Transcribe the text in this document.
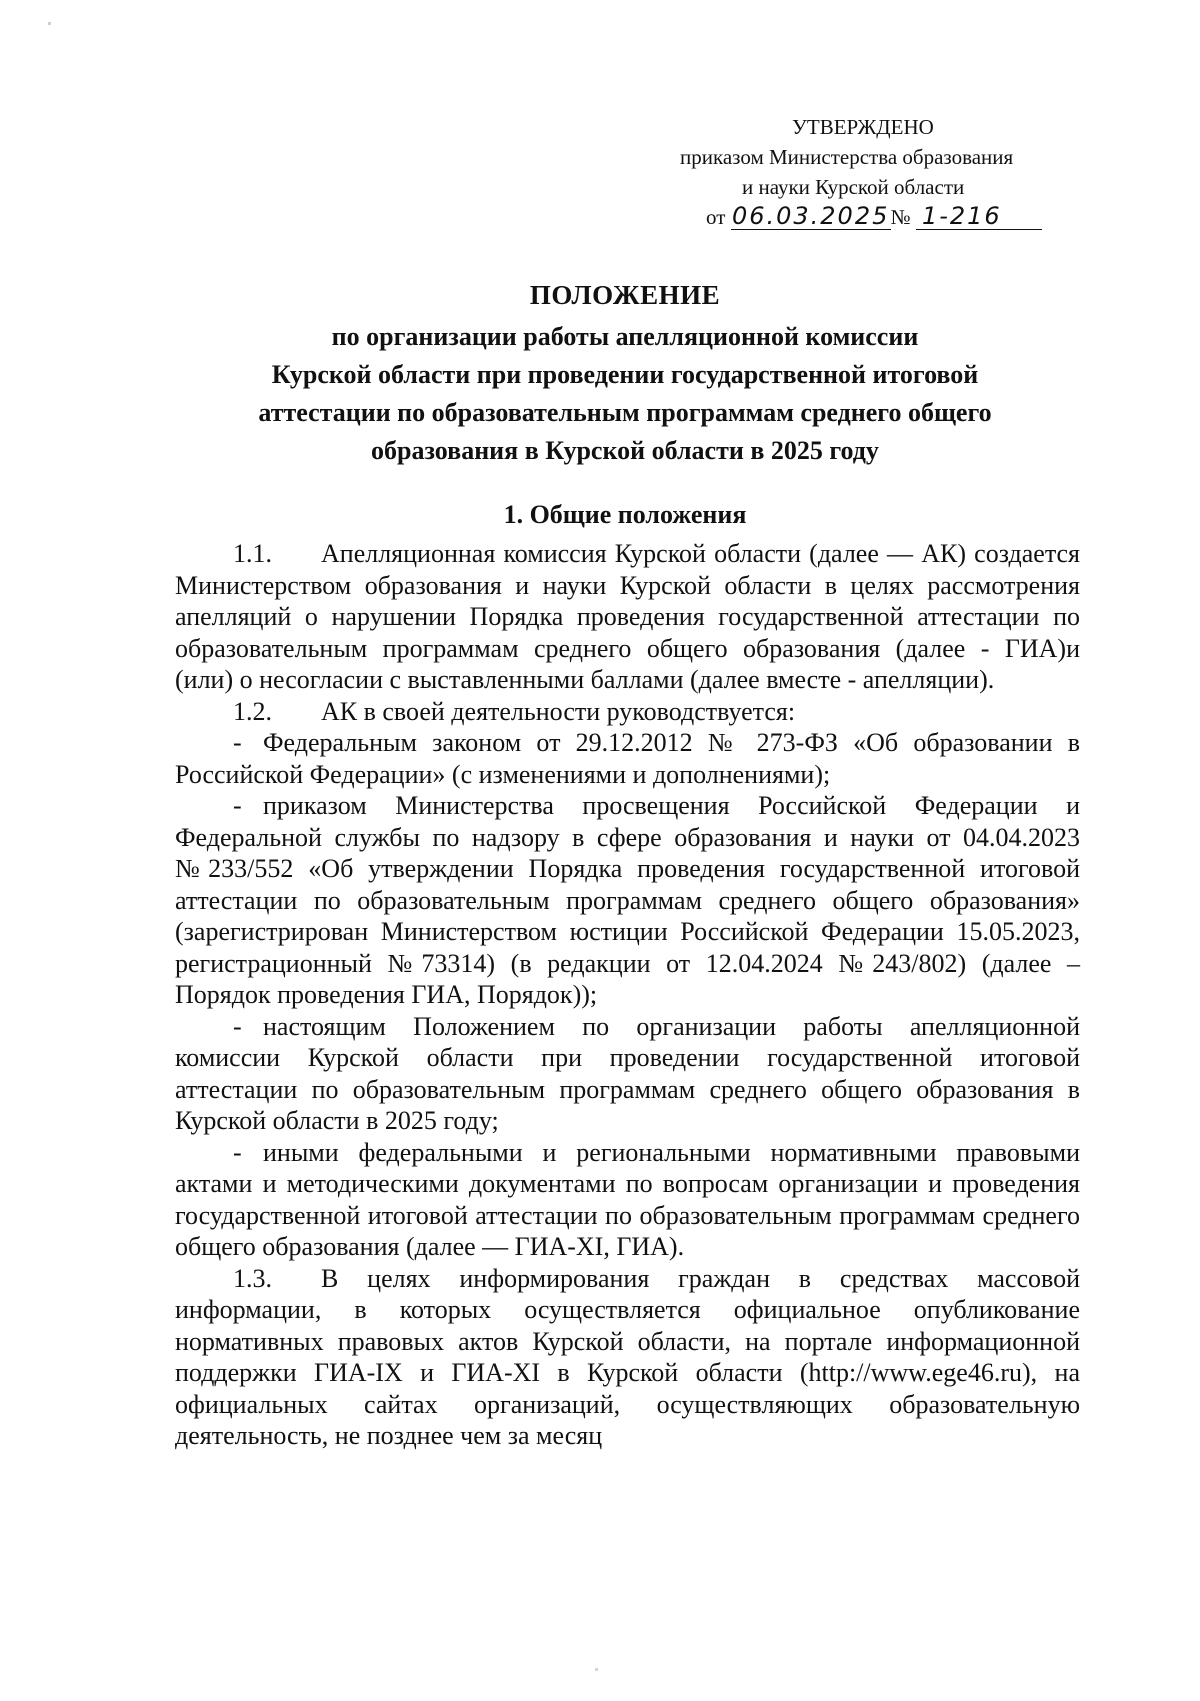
УТВЕРЖДЕНО
приказом Министерства образования
и науки Курской области
от 06.03.2025№ 1-216
ПОЛОЖЕНИЕ
по организации работы апелляционной комиссии
Курской области при проведении государственной итоговой
аттестации по образовательным программам среднего общего
образования в Курской области в 2025 году
1. Общие положения

1.1. Апелляционная комиссия Курской области (далее — АК) создается Министерством образования и науки Курской области в целях рассмотрения апелляций о нарушении Порядка проведения государственной аттестации по образовательным программам среднего общего образования (далее - ГИА)и (или) о несогласии с выставленными баллами (далее вместе - апелляции).

1.2. АК в своей деятельности руководствуется:

- Федеральным законом от 29.12.2012 № 273-ФЗ «Об образовании в Российской Федерации» (с изменениями и дополнениями);

- приказом Министерства просвещения Российской Федерации и Федеральной службы по надзору в сфере образования и науки от 04.04.2023 №233/552 «Об утверждении Порядка проведения государственной итоговой аттестации по образовательным программам среднего общего образования» (зарегистрирован Министерством юстиции Российской Федерации 15.05.2023, регистрационный №73314) (в редакции от 12.04.2024 №243/802) (далее – Порядок проведения ГИА, Порядок));

- настоящим Положением по организации работы апелляционной комиссии Курской области при проведении государственной итоговой аттестации по образовательным программам среднего общего образования в Курской области в 2025 году;

- иными федеральными и региональными нормативными правовыми актами и методическими документами по вопросам организации и проведения государственной итоговой аттестации по образовательным программам среднего общего образования (далее — ГИА-XI, ГИА).

1.3. В целях информирования граждан в средствах массовой информации, в которых осуществляется официальное опубликование нормативных правовых актов Курской области, на портале информационной поддержки ГИА-IX и ГИА-XI в Курской области (http://www.ege46.ru), на официальных сайтах организаций, осуществляющих образовательную деятельность, не позднее чем за месяц
